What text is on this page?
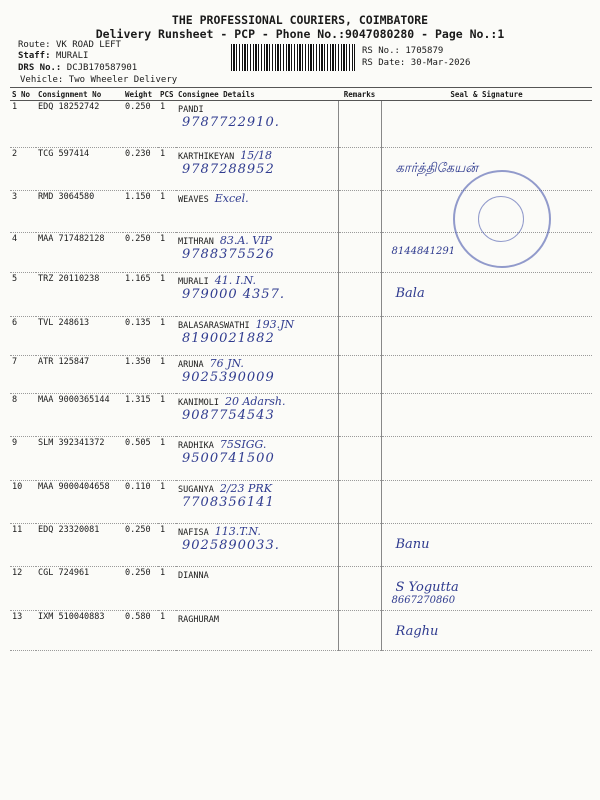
THE PROFESSIONAL COURIERS, COIMBATORE
Delivery Runsheet - PCP - Phone No.:9047080280 - Page No.:1
Route: VK ROAD LEFT
Staff: MURALI
DRS No.: DCJB170587901
Vehicle: Two Wheeler Delivery
RS No.: 1705879
RS Date: 30-Mar-2026
S No	Consignment No	Weight	PCS	Consignee Details	Remarks	Seal & Signature
1	EDQ 18252742	0.250	1	PANDI
9787722910.		

2	TCG 597414	0.230	1	KARTHIKEYAN 15/18
9787288952		கார்த்திகேயன்

3	RMD 3064580	1.150	1	WEAVES Excel.

4	MAA 717482128	0.250	1	MITHRAN 83.A. VIP
9788375526		8144841291

5	TRZ 20110238	1.165	1	MURALI 41. I.N.
979000 4357.		Bala

6	TVL 248613	0.135	1	BALASARASWATHI 193.JN
8190021882		

7	ATR 125847	1.350	1	ARUNA 76 JN.
9025390009		

8	MAA 9000365144	1.315	1	KANIMOLI 20 Adarsh.
9087754543		

9	SLM 392341372	0.505	1	RADHIKA 75SIGG.
9500741500		

10	MAA 9000404658	0.110	1	SUGANYA 2/23 PRK
7708356141		

11	EDQ 23320081	0.250	1	NAFISA 113.T.N.
9025890033.		Banu

12	CGL 724961	0.250	1	DIANNA		S Yogutta
8667270860

13	IXM 510040883	0.580	1	RAGHURAM		Raghu
